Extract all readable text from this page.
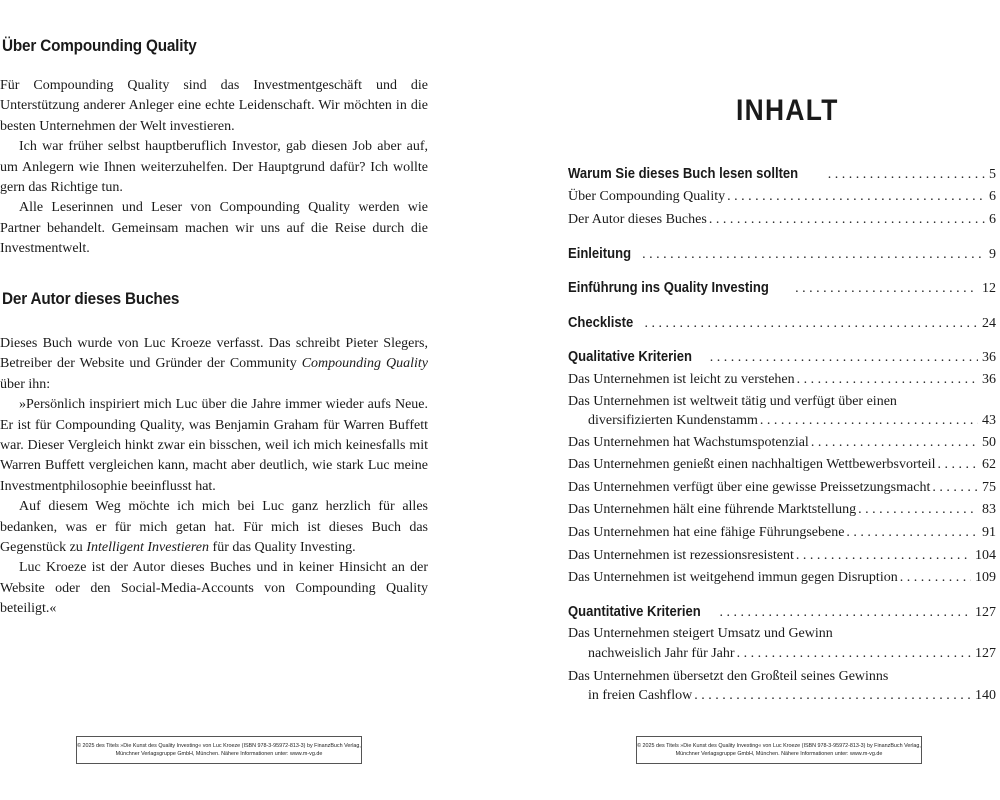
Über Compounding Quality

Für Compounding Quality sind das Investmentgeschäft und die Unterstützung anderer Anleger eine echte Leidenschaft. Wir möchten in die besten Unternehmen der Welt investieren.

Ich war früher selbst hauptberuflich Investor, gab diesen Job aber auf, um Anlegern wie Ihnen weiterzuhelfen. Der Hauptgrund dafür? Ich wollte gern das Richtige tun.

Alle Leserinnen und Leser von Compounding Quality werden wie Partner behandelt. Gemeinsam machen wir uns auf die Reise durch die Investmentwelt.

Der Autor dieses Buches

Dieses Buch wurde von Luc Kroeze verfasst. Das schreibt Pieter Slegers, Betreiber der Website und Gründer der Community Compounding Quality über ihn:

»Persönlich inspiriert mich Luc über die Jahre immer wieder aufs Neue. Er ist für Compounding Quality, was Benjamin Graham für Warren Buffett war. Dieser Vergleich hinkt zwar ein bisschen, weil ich mich keinesfalls mit Warren Buffett vergleichen kann, macht aber deutlich, wie stark Luc meine Investmentphilosophie beeinflusst hat.

Auf diesem Weg möchte ich mich bei Luc ganz herzlich für alles bedanken, was er für mich getan hat. Für mich ist dieses Buch das Gegenstück zu Intelligent Investieren für das Quality Investing.

Luc Kroeze ist der Autor dieses Buches und in keiner Hinsicht an der Website oder den Social-Media-Accounts von Compounding Quality beteiligt.«

© 2025 des Titels »Die Kunst des Quality Investing« von Luc Kroeze (ISBN 978-3-95972-813-3) by FinanzBuch Verlag,
Münchner Verlagsgruppe GmbH, München. Nähere Informationen unter: www.m-vg.de
INHALT
Warum Sie dieses Buch lesen sollten . . .	5
Über Compounding Quality . . .	6
Der Autor dieses Buches . . .	6
Einleitung . . .	9
Einführung ins Quality Investing . . .	12
Checkliste . . .	24
Qualitative Kriterien . . .	36
Das Unternehmen ist leicht zu verstehen . . .	36
Das Unternehmen ist weltweit tätig und verfügt über einen
diversifizierten Kundenstamm . . .	43
Das Unternehmen hat Wachstumspotenzial . . .	50
Das Unternehmen genießt einen nachhaltigen Wettbewerbsvorteil . . .	62
Das Unternehmen verfügt über eine gewisse Preissetzungsmacht . . .	75
Das Unternehmen hält eine führende Marktstellung . . .	83
Das Unternehmen hat eine fähige Führungsebene . . .	91
Das Unternehmen ist rezessionsresistent . . .	104
Das Unternehmen ist weitgehend immun gegen Disruption . . .	109
Quantitative Kriterien . . .	127
Das Unternehmen steigert Umsatz und Gewinn
nachweislich Jahr für Jahr . . .	127
Das Unternehmen übersetzt den Großteil seines Gewinns
in freien Cashflow . . .	140
© 2025 des Titels »Die Kunst des Quality Investing« von Luc Kroeze (ISBN 978-3-95972-813-3) by FinanzBuch Verlag,
Münchner Verlagsgruppe GmbH, München. Nähere Informationen unter: www.m-vg.de
